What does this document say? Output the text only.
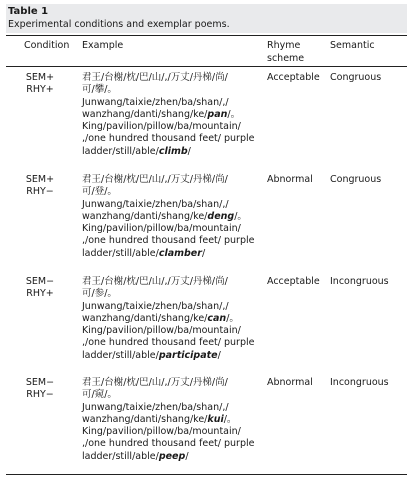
Table 1
Experimental conditions and exemplar poems.
Condition Example	Rhyme
scheme
Semantic
SEM+
RHY+
君王/台榭/枕/巴/山/,/万丈/丹梯/尚/
可/攀/。
Junwang/taixie/zhen/ba/shan/,/
wanzhang/danti/shang/ke/pan/。
King/pavilion/pillow/ba/mountain/
,/one hundred thousand feet/ purple
ladder/still/able/climb/
Acceptable Congruous
SEM+
RHY−
君王/台榭/枕/巴/山/,/万丈/丹梯/尚/
可/登/。
Junwang/taixie/zhen/ba/shan/,/
wanzhang/danti/shang/ke/deng/。
King/pavilion/pillow/ba/mountain/
,/one hundred thousand feet/ purple
ladder/still/able/clamber/
Abnormal Congruous
SEM−
RHY+
君王/台榭/枕/巴/山/,/万丈/丹梯/尚/
可/参/。
Junwang/taixie/zhen/ba/shan/,/
wanzhang/danti/shang/ke/can/。
King/pavilion/pillow/ba/mountain/
,/one hundred thousand feet/ purple
ladder/still/able/participate/
Acceptable Incongruous
SEM−
RHY−
君王/台榭/枕/巴/山/,/万丈/丹梯/尚/
可/窥/。
Junwang/taixie/zhen/ba/shan/,/
wanzhang/danti/shang/ke/kui/。
King/pavilion/pillow/ba/mountain/
,/one hundred thousand feet/ purple
ladder/still/able/peep/
Abnormal Incongruous
